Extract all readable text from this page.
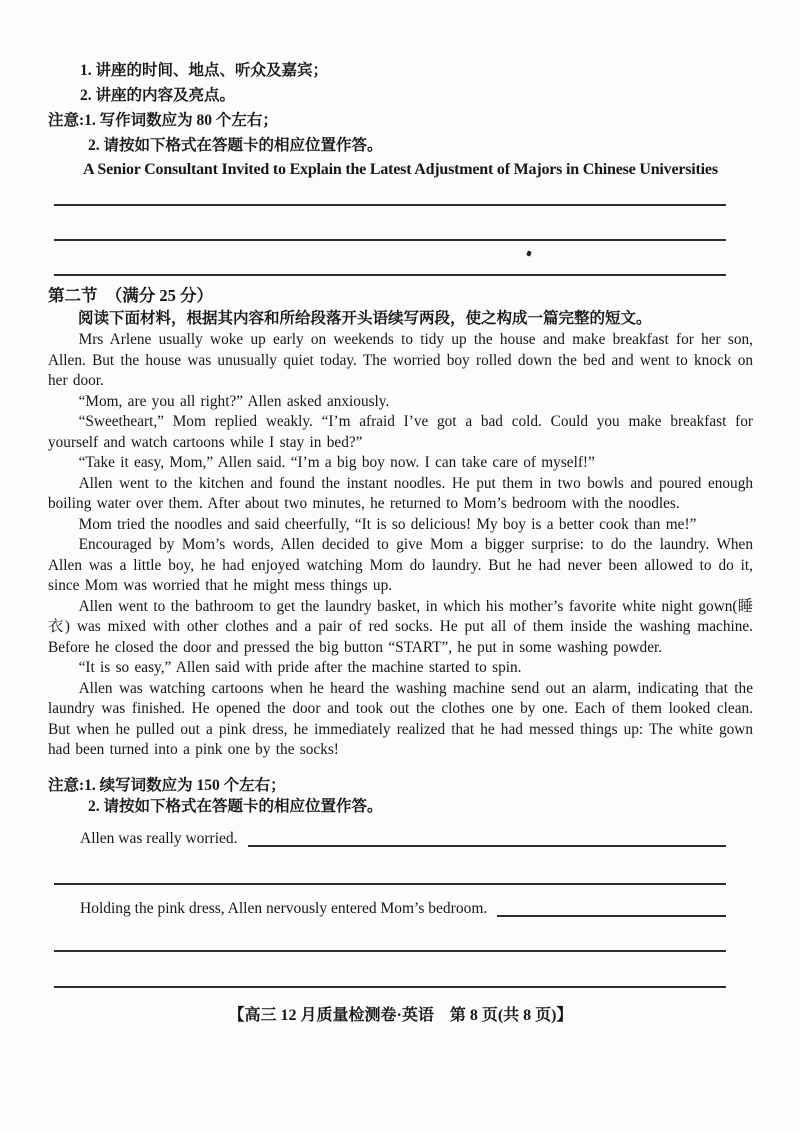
1. 讲座的时间、地点、听众及嘉宾；
2. 讲座的内容及亮点。
注意:1. 写作词数应为 80 个左右；
2. 请按如下格式在答题卡的相应位置作答。
A Senior Consultant Invited to Explain the Latest Adjustment of Majors in Chinese Universities
第二节　（满分 25 分）
阅读下面材料，根据其内容和所给段落开头语续写两段，使之构成一篇完整的短文。

Mrs Arlene usually woke up early on weekends to tidy up the house and make breakfast for her son, Allen. But the house was unusually quiet today. The worried boy rolled down the bed and went to knock on her door.

“Mom, are you all right?” Allen asked anxiously.

“Sweetheart,” Mom replied weakly. “I’m afraid I’ve got a bad cold. Could you make breakfast for yourself and watch cartoons while I stay in bed?”

“Take it easy, Mom,” Allen said. “I’m a big boy now. I can take care of myself!”

Allen went to the kitchen and found the instant noodles. He put them in two bowls and poured enough boiling water over them. After about two minutes, he returned to Mom’s bedroom with the noodles.

Mom tried the noodles and said cheerfully, “It is so delicious! My boy is a better cook than me!”

Encouraged by Mom’s words, Allen decided to give Mom a bigger surprise: to do the laundry. When Allen was a little boy, he had enjoyed watching Mom do laundry. But he had never been allowed to do it, since Mom was worried that he might mess things up.

Allen went to the bathroom to get the laundry basket, in which his mother’s favorite white night gown(睡衣) was mixed with other clothes and a pair of red socks. He put all of them inside the washing machine. Before he closed the door and pressed the big button “START”, he put in some washing powder.

“It is so easy,” Allen said with pride after the machine started to spin.

Allen was watching cartoons when he heard the washing machine send out an alarm, indicating that the laundry was finished. He opened the door and took out the clothes one by one. Each of them looked clean. But when he pulled out a pink dress, he immediately realized that he had messed things up: The white gown had been turned into a pink one by the socks!

注意:1. 续写词数应为 150 个左右；
2. 请按如下格式在答题卡的相应位置作答。
Allen was really worried.
Holding the pink dress, Allen nervously entered Mom’s bedroom.
【高三 12 月质量检测卷·英语　第 8 页(共 8 页)】
